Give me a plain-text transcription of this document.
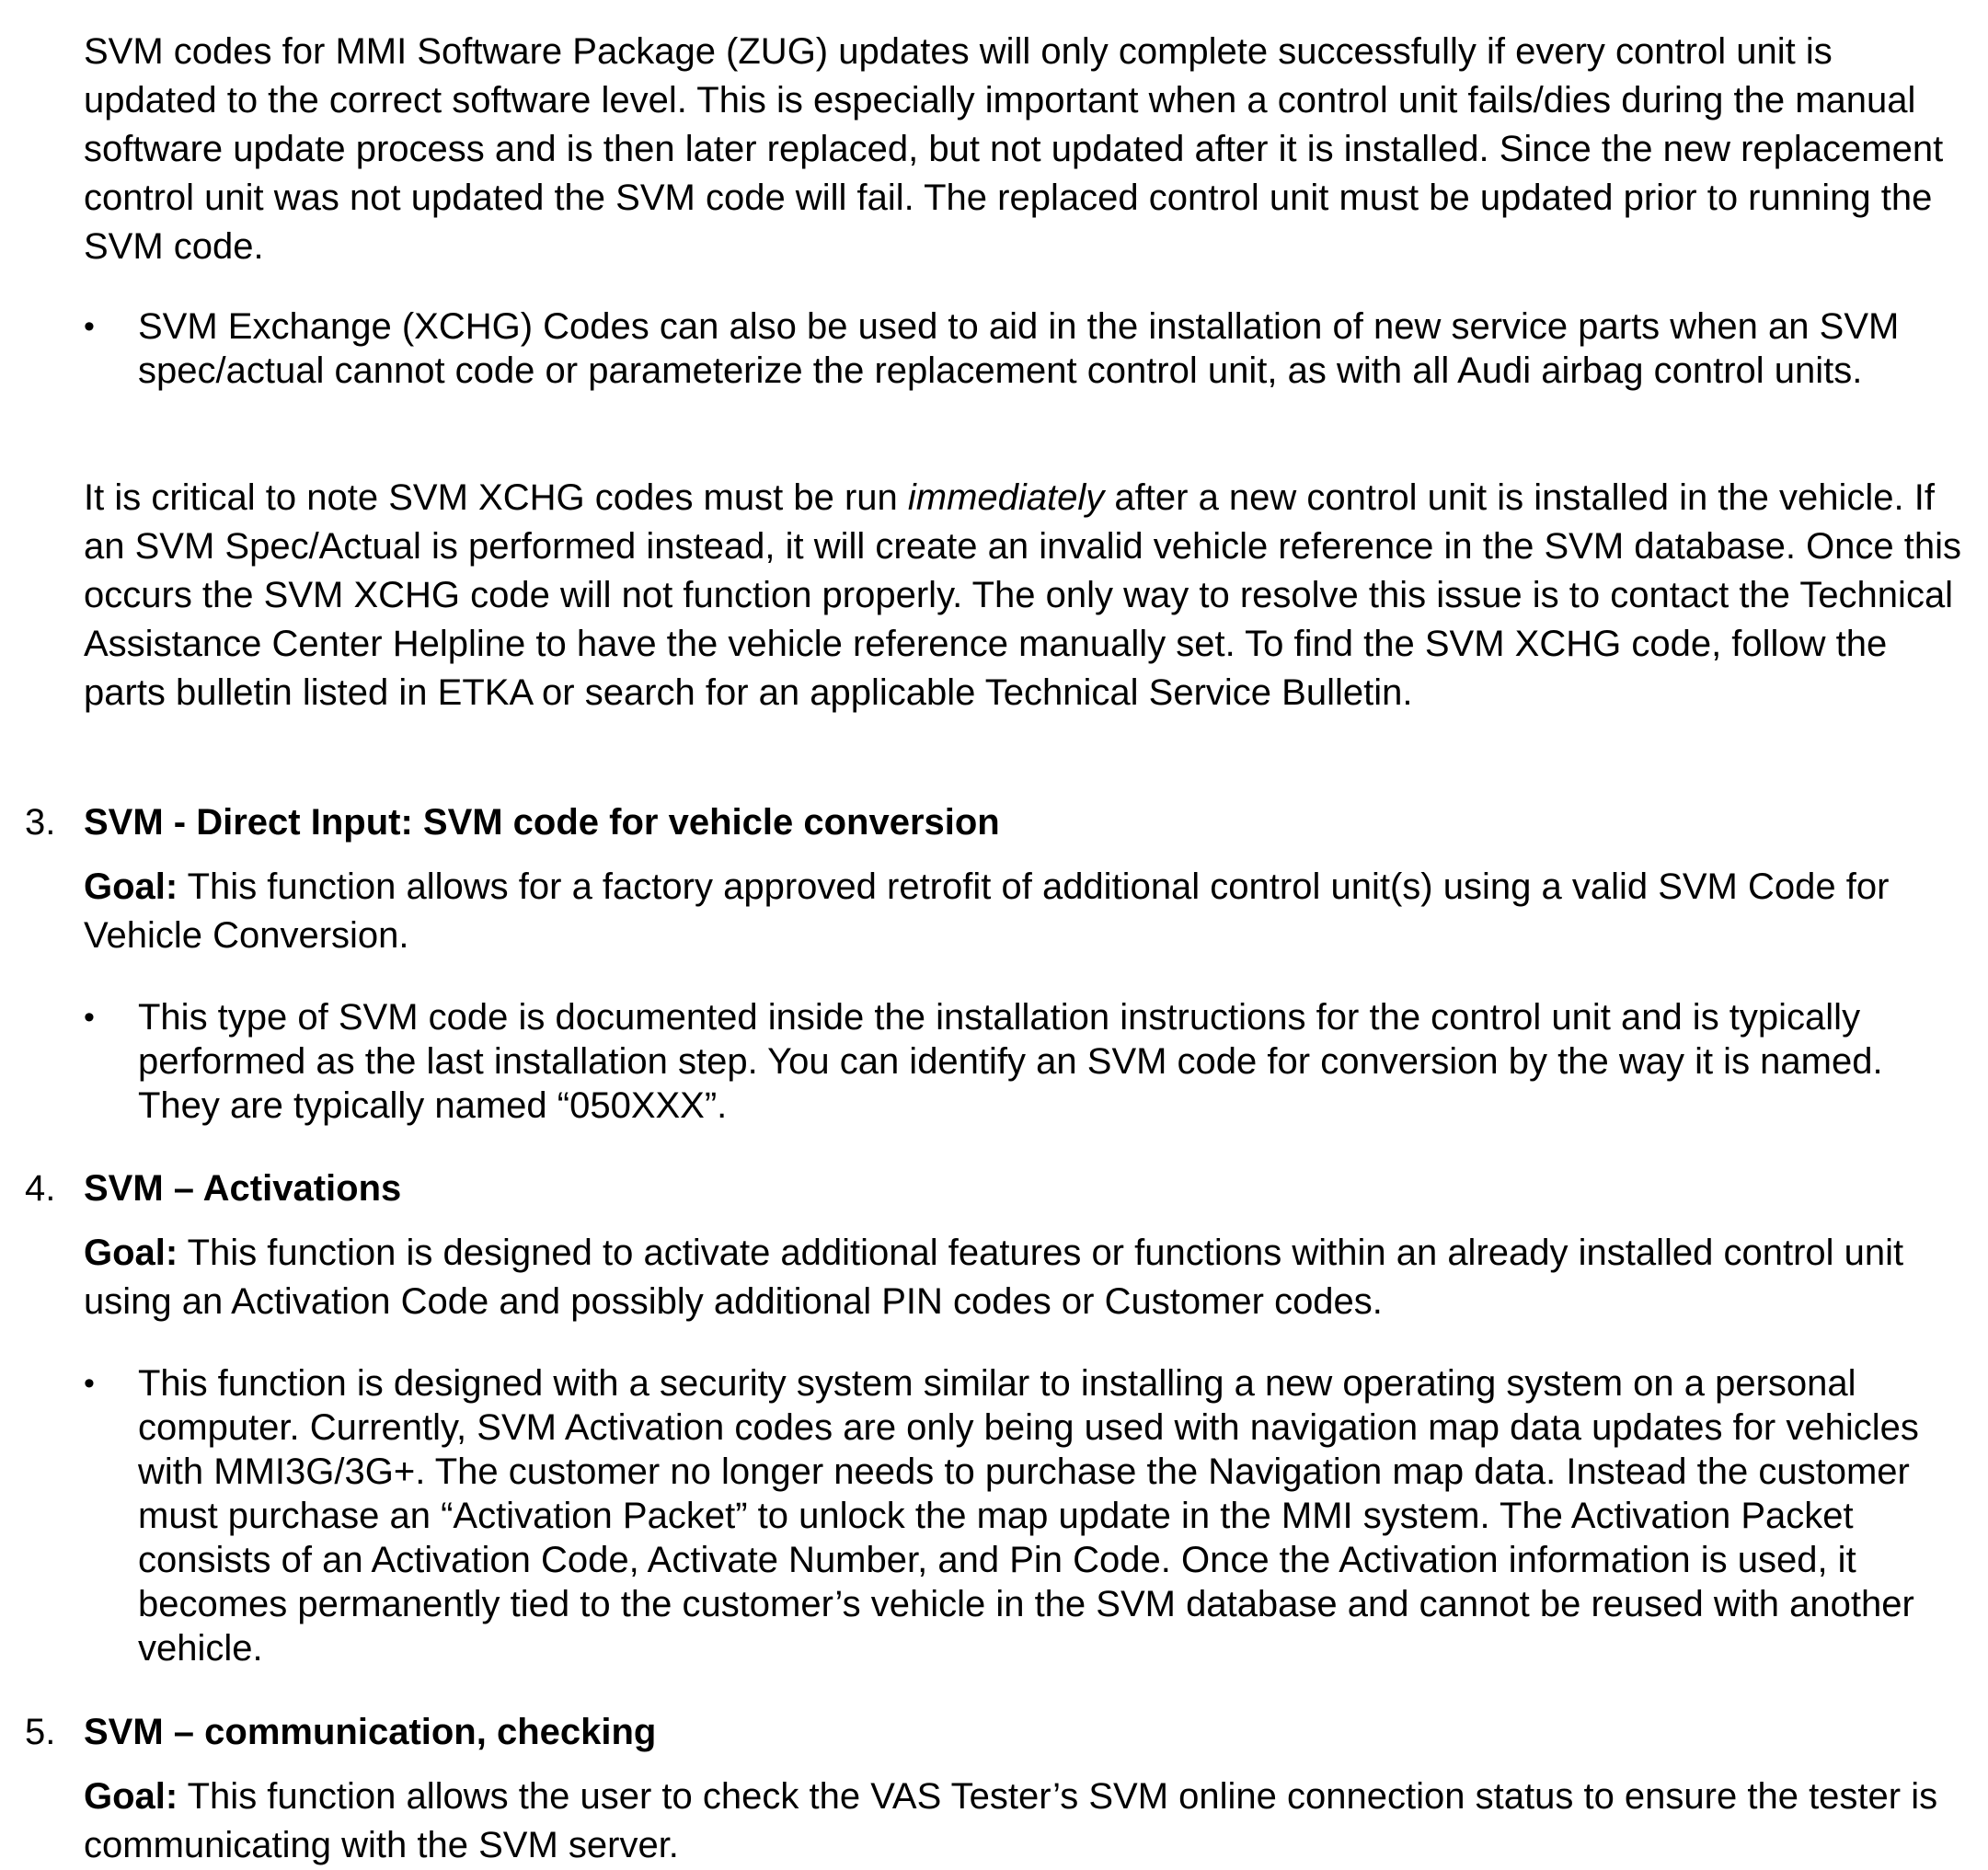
SVM codes for MMI Software Package (ZUG) updates will only complete successfully if every control unit is updated to the correct software level. This is especially important when a control unit fails/dies during the manual software update process and is then later replaced, but not updated after it is installed. Since the new replacement control unit was not updated the SVM code will fail. The replaced control unit must be updated prior to running the SVM code.

•	SVM Exchange (XCHG) Codes can also be used to aid in the installation of new service parts when an SVM spec/actual cannot code or parameterize the replacement control unit, as with all Audi airbag control units.

It is critical to note SVM XCHG codes must be run immediately after a new control unit is installed in the vehicle. If an SVM Spec/Actual is performed instead, it will create an invalid vehicle reference in the SVM database. Once this occurs the SVM XCHG code will not function properly. The only way to resolve this issue is to contact the Technical Assistance Center Helpline to have the vehicle reference manually set. To find the SVM XCHG code, follow the parts bulletin listed in ETKA or search for an applicable Technical Service Bulletin.

3. SVM - Direct Input: SVM code for vehicle conversion

Goal: This function allows for a factory approved retrofit of additional control unit(s) using a valid SVM Code for Vehicle Conversion.

•	This type of SVM code is documented inside the installation instructions for the control unit and is typically performed as the last installation step. You can identify an SVM code for conversion by the way it is named. They are typically named “050XXX”.
4. SVM – Activations

Goal: This function is designed to activate additional features or functions within an already installed control unit using an Activation Code and possibly additional PIN codes or Customer codes.

•	This function is designed with a security system similar to installing a new operating system on a personal computer. Currently, SVM Activation codes are only being used with navigation map data updates for vehicles with MMI3G/3G+. The customer no longer needs to purchase the Navigation map data. Instead the customer must purchase an “Activation Packet” to unlock the map update in the MMI system. The Activation Packet consists of an Activation Code, Activate Number, and Pin Code. Once the Activation information is used, it becomes permanently tied to the customer’s vehicle in the SVM database and cannot be reused with another vehicle.
5. SVM – communication, checking

Goal: This function allows the user to check the VAS Tester’s SVM online connection status to ensure the tester is communicating with the SVM server.
